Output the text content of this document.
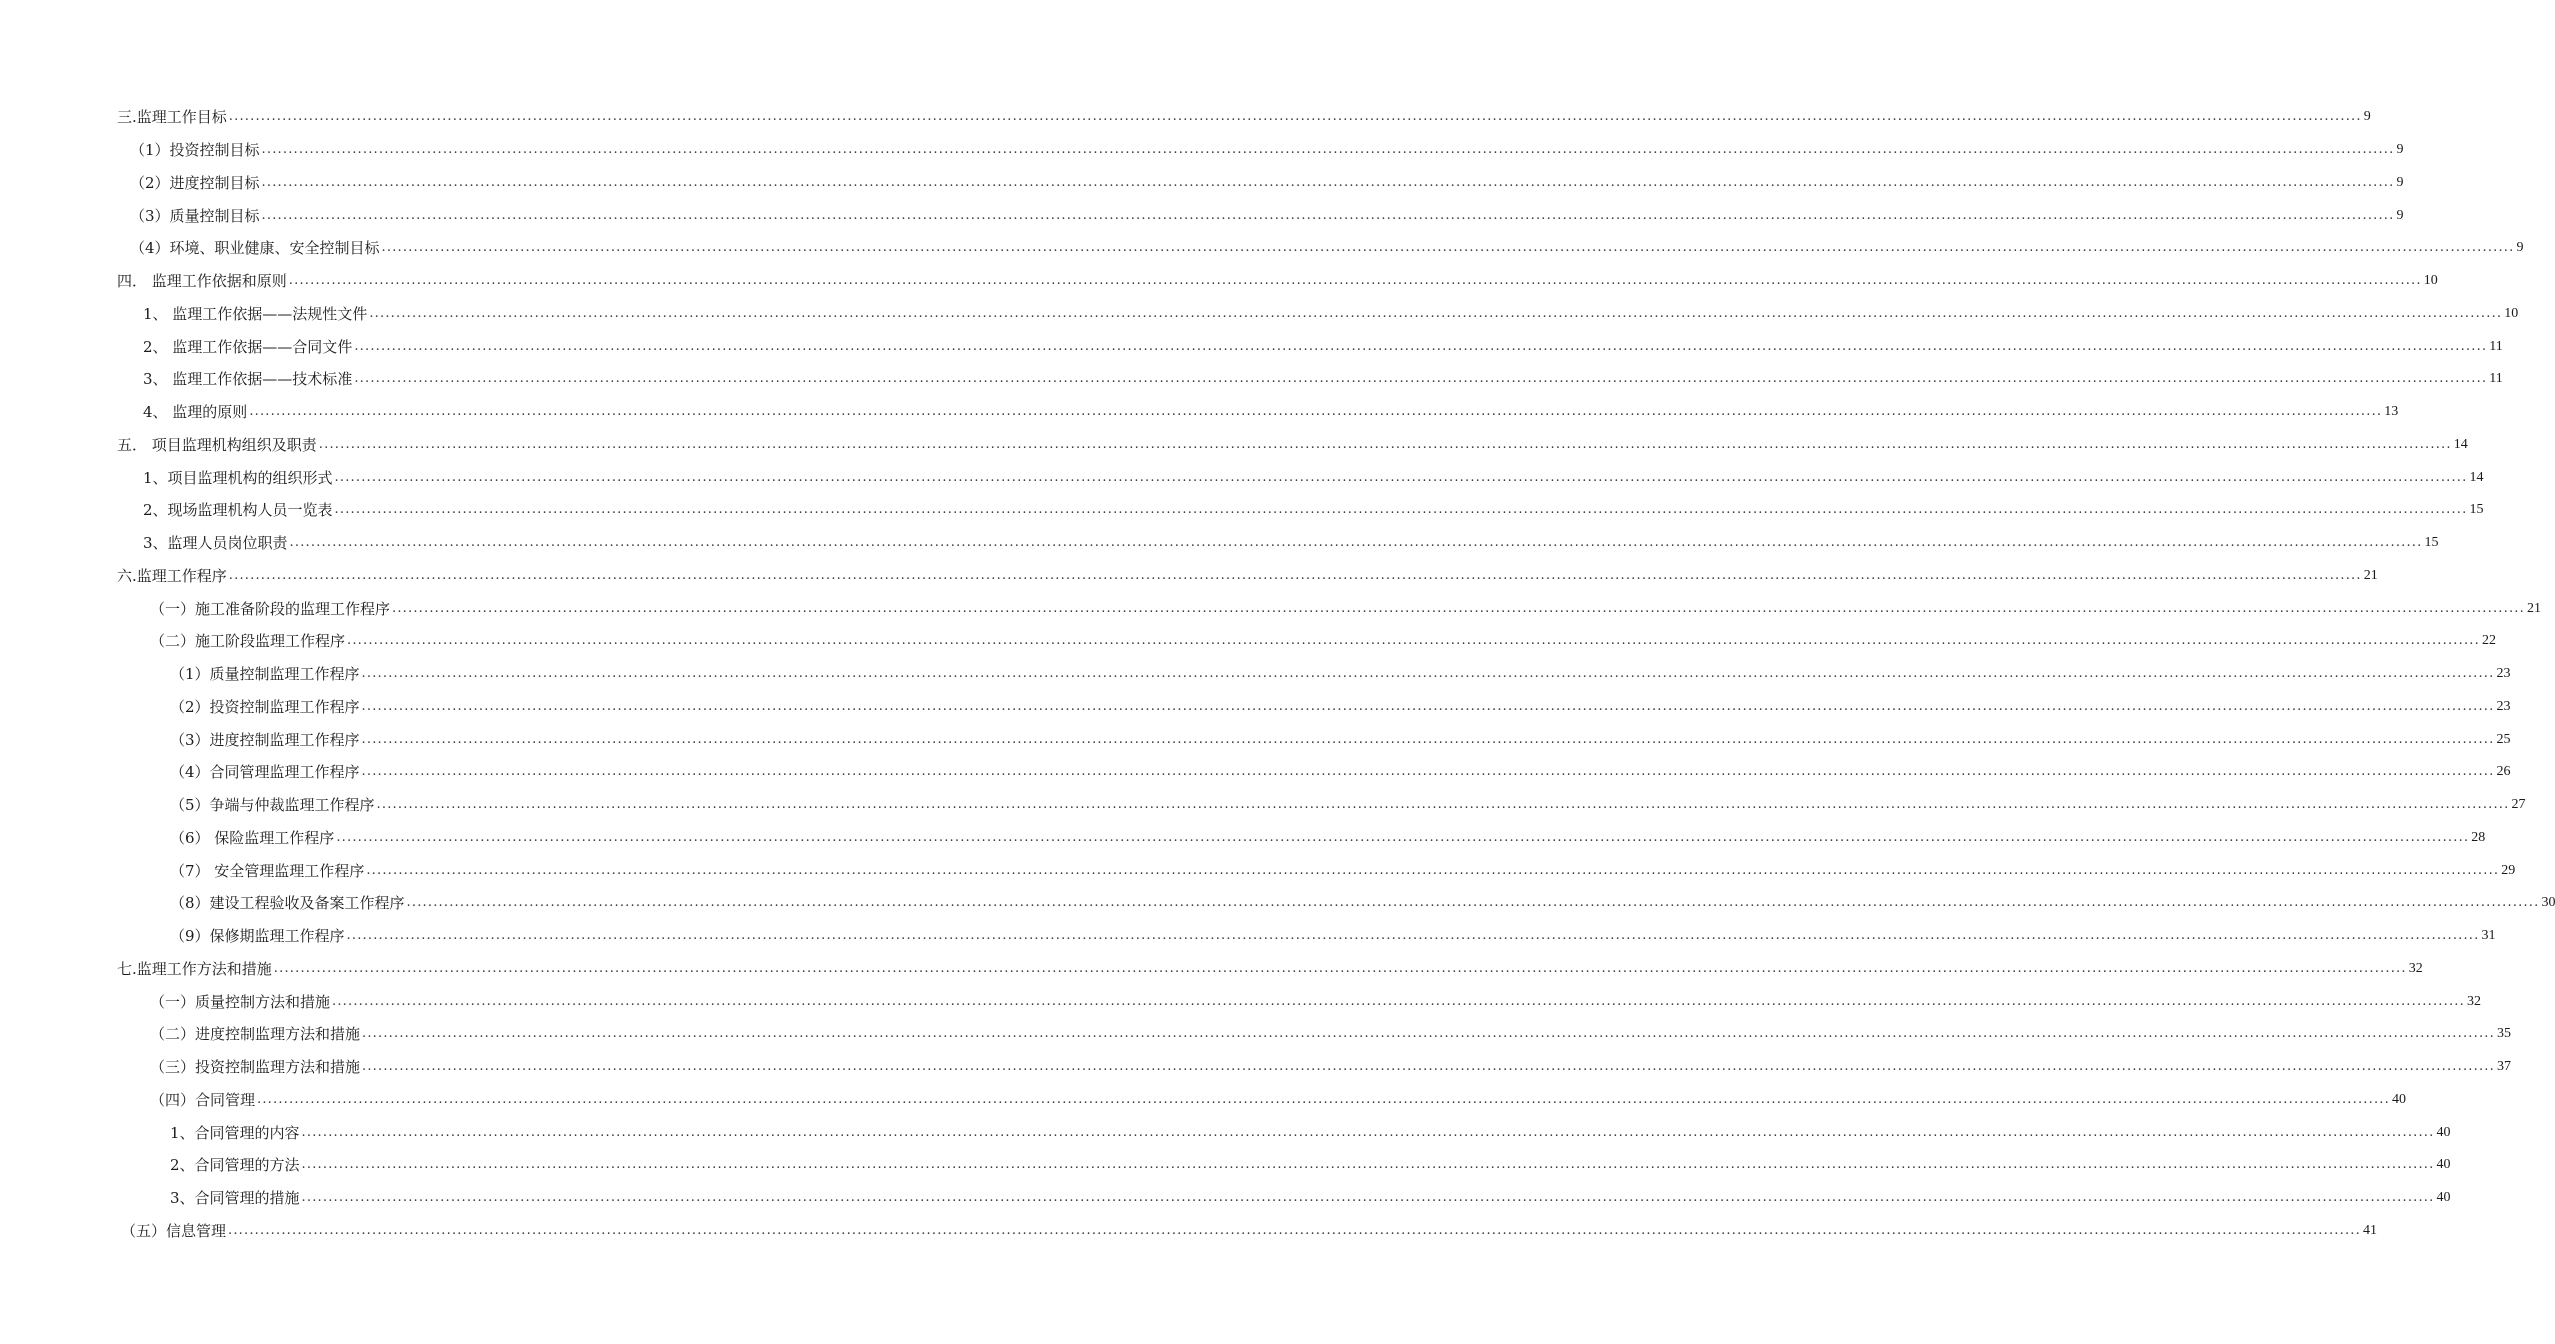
三.监理工作目标 ................................................................................................................................................................................................................................................................................................................................................................................................................ 9
（1）投资控制目标 ................................................................................................................................................................................................................................................................................................................................................................................................................ 9
（2）进度控制目标 ................................................................................................................................................................................................................................................................................................................................................................................................................ 9
（3）质量控制目标 ................................................................................................................................................................................................................................................................................................................................................................................................................ 9
（4）环境、职业健康、安全控制目标 ................................................................................................................................................................................................................................................................................................................................................................................................................ 9
四． 监理工作依据和原则 ................................................................................................................................................................................................................................................................................................................................................................................................................ 10
1、 监理工作依据——法规性文件 ................................................................................................................................................................................................................................................................................................................................................................................................................ 10
2、 监理工作依据——合同文件 ................................................................................................................................................................................................................................................................................................................................................................................................................ 11
3、 监理工作依据——技术标准 ................................................................................................................................................................................................................................................................................................................................................................................................................ 11
4、 监理的原则 ................................................................................................................................................................................................................................................................................................................................................................................................................ 13
五． 项目监理机构组织及职责 ................................................................................................................................................................................................................................................................................................................................................................................................................ 14
1、项目监理机构的组织形式 ................................................................................................................................................................................................................................................................................................................................................................................................................ 14
2、现场监理机构人员一览表 ................................................................................................................................................................................................................................................................................................................................................................................................................ 15
3、监理人员岗位职责 ................................................................................................................................................................................................................................................................................................................................................................................................................ 15
六.监理工作程序 ................................................................................................................................................................................................................................................................................................................................................................................................................ 21
（一）施工准备阶段的监理工作程序 ................................................................................................................................................................................................................................................................................................................................................................................................................ 21
（二）施工阶段监理工作程序 ................................................................................................................................................................................................................................................................................................................................................................................................................ 22
（1）质量控制监理工作程序 ................................................................................................................................................................................................................................................................................................................................................................................................................ 23
（2）投资控制监理工作程序 ................................................................................................................................................................................................................................................................................................................................................................................................................ 23
（3）进度控制监理工作程序 ................................................................................................................................................................................................................................................................................................................................................................................................................ 25
（4）合同管理监理工作程序 ................................................................................................................................................................................................................................................................................................................................................................................................................ 26
（5）争端与仲裁监理工作程序 ................................................................................................................................................................................................................................................................................................................................................................................................................ 27
（6） 保险监理工作程序 ................................................................................................................................................................................................................................................................................................................................................................................................................ 28
（7） 安全管理监理工作程序 ................................................................................................................................................................................................................................................................................................................................................................................................................ 29
（8）建设工程验收及备案工作程序 ................................................................................................................................................................................................................................................................................................................................................................................................................ 30
（9）保修期监理工作程序 ................................................................................................................................................................................................................................................................................................................................................................................................................ 31
七.监理工作方法和措施 ................................................................................................................................................................................................................................................................................................................................................................................................................ 32
（一）质量控制方法和措施 ................................................................................................................................................................................................................................................................................................................................................................................................................ 32
（二）进度控制监理方法和措施 ................................................................................................................................................................................................................................................................................................................................................................................................................ 35
（三）投资控制监理方法和措施 ................................................................................................................................................................................................................................................................................................................................................................................................................ 37
（四）合同管理 ................................................................................................................................................................................................................................................................................................................................................................................................................ 40
1、合同管理的内容 ................................................................................................................................................................................................................................................................................................................................................................................................................ 40
2、合同管理的方法 ................................................................................................................................................................................................................................................................................................................................................................................................................ 40
3、合同管理的措施 ................................................................................................................................................................................................................................................................................................................................................................................................................ 40
（五）信息管理 ................................................................................................................................................................................................................................................................................................................................................................................................................ 41
